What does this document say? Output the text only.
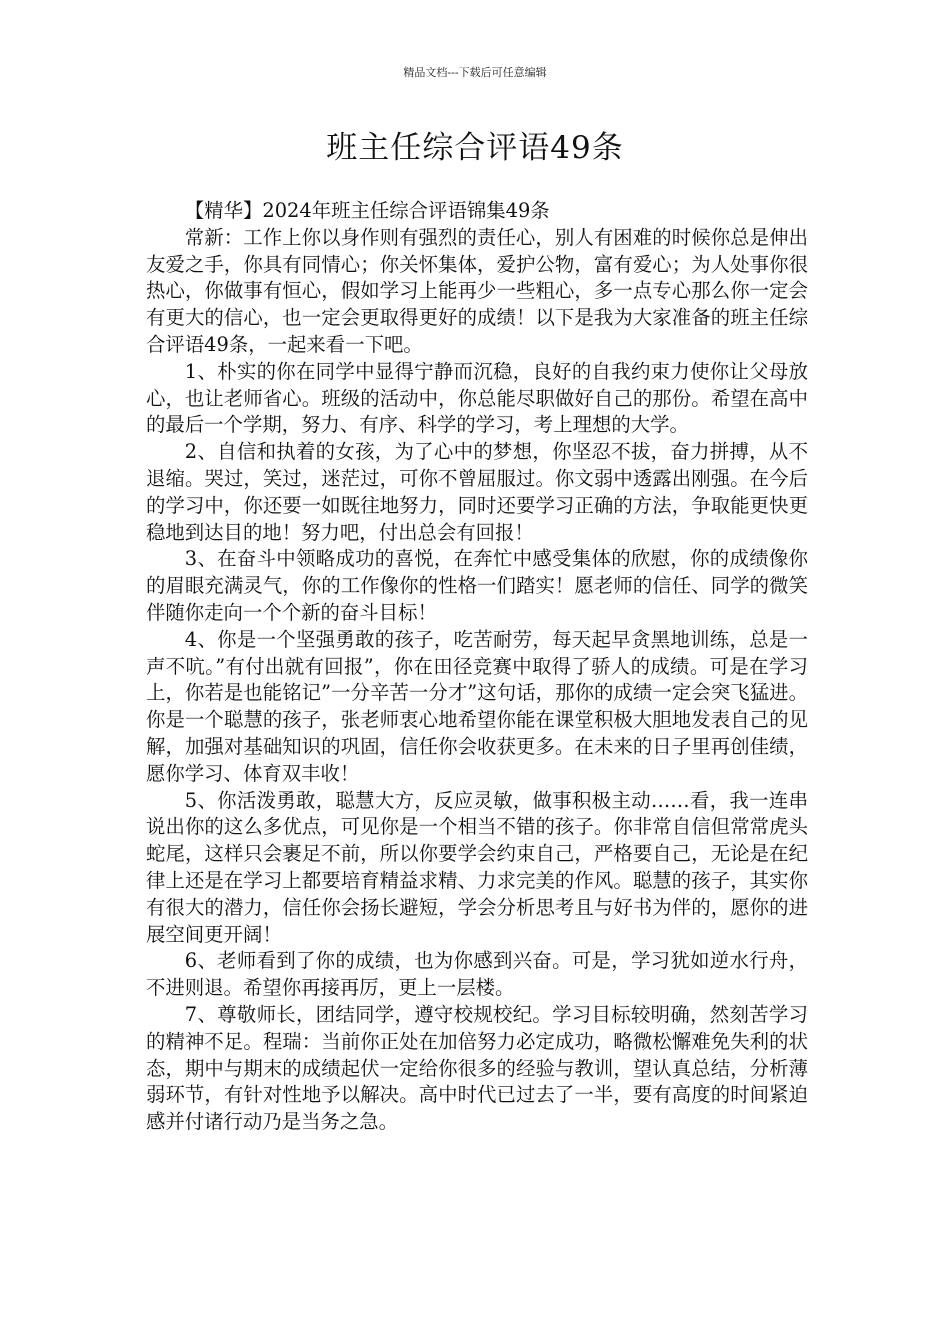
精品文档---下载后可任意编辑
班主任综合评语49条

【精华】2024年班主任综合评语锦集49条

常新：工作上你以身作则有强烈的责任心，别人有困难的时候你总是伸出友爱之手，你具有同情心；你关怀集体，爱护公物，富有爱心；为人处事你很热心，你做事有恒心，假如学习上能再少一些粗心，多一点专心那么你一定会有更大的信心，也一定会更取得更好的成绩！以下是我为大家准备的班主任综合评语49条，一起来看一下吧。

1、朴实的你在同学中显得宁静而沉稳，良好的自我约束力使你让父母放心，也让老师省心。班级的活动中，你总能尽职做好自己的那份。希望在高中的最后一个学期，努力、有序、科学的学习，考上理想的大学。

2、自信和执着的女孩，为了心中的梦想，你坚忍不拔，奋力拼搏，从不退缩。哭过，笑过，迷茫过，可你不曾屈服过。你文弱中透露出刚强。在今后的学习中，你还要一如既往地努力，同时还要学习正确的方法，争取能更快更稳地到达目的地！努力吧，付出总会有回报！

3、在奋斗中领略成功的喜悦，在奔忙中感受集体的欣慰，你的成绩像你的眉眼充满灵气，你的工作像你的性格一们踏实！愿老师的信任、同学的微笑伴随你走向一个个新的奋斗目标！

4、你是一个坚强勇敢的孩子，吃苦耐劳，每天起早贪黑地训练，总是一声不吭。”有付出就有回报”，你在田径竞赛中取得了骄人的成绩。可是在学习上，你若是也能铭记”一分辛苦一分才”这句话，那你的成绩一定会突飞猛进。你是一个聪慧的孩子，张老师衷心地希望你能在课堂积极大胆地发表自己的见解，加强对基础知识的巩固，信任你会收获更多。在未来的日子里再创佳绩，愿你学习、体育双丰收！

5、你活泼勇敢，聪慧大方，反应灵敏，做事积极主动……看，我一连串说出你的这么多优点，可见你是一个相当不错的孩子。你非常自信但常常虎头蛇尾，这样只会裹足不前，所以你要学会约束自己，严格要自己，无论是在纪律上还是在学习上都要培育精益求精、力求完美的作风。聪慧的孩子，其实你有很大的潜力，信任你会扬长避短，学会分析思考且与好书为伴的，愿你的进展空间更开阔！

6、老师看到了你的成绩，也为你感到兴奋。可是，学习犹如逆水行舟，不进则退。希望你再接再厉，更上一层楼。

7、尊敬师长，团结同学，遵守校规校纪。学习目标较明确，然刻苦学习的精神不足。程瑞：当前你正处在加倍努力必定成功，略微松懈难免失利的状态，期中与期末的成绩起伏一定给你很多的经验与教训，望认真总结，分析薄弱环节，有针对性地予以解决。高中时代已过去了一半，要有高度的时间紧迫感并付诸行动乃是当务之急。
